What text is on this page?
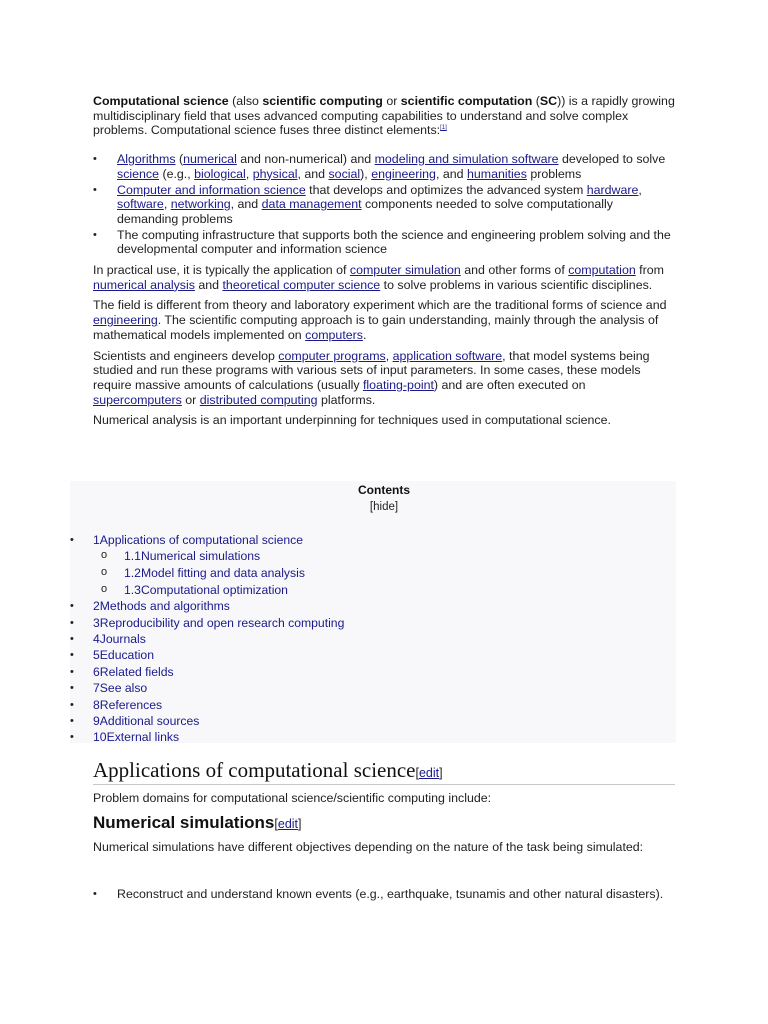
Computational science (also scientific computing or scientific computation (SC)) is a rapidly growing multidisciplinary field that uses advanced computing capabilities to understand and solve complex problems. Computational science fuses three distinct elements:[1]

• Algorithms (numerical and non-numerical) and modeling and simulation software developed to solve science (e.g., biological, physical, and social), engineering, and humanities problems
• Computer and information science that develops and optimizes the advanced system hardware, software, networking, and data management components needed to solve computationally demanding problems
• The computing infrastructure that supports both the science and engineering problem solving and the developmental computer and information science

In practical use, it is typically the application of computer simulation and other forms of computation from numerical analysis and theoretical computer science to solve problems in various scientific disciplines.

The field is different from theory and laboratory experiment which are the traditional forms of science and engineering. The scientific computing approach is to gain understanding, mainly through the analysis of mathematical models implemented on computers.

Scientists and engineers develop computer programs, application software, that model systems being studied and run these programs with various sets of input parameters. In some cases, these models require massive amounts of calculations (usually floating-point) and are often executed on supercomputers or distributed computing platforms.

Numerical analysis is an important underpinning for techniques used in computational science.

Contents
[hide]
• 1Applications of computational science
o 1.1Numerical simulations
o 1.2Model fitting and data analysis
o 1.3Computational optimization
• 2Methods and algorithms
• 3Reproducibility and open research computing
• 4Journals
• 5Education
• 6Related fields
• 7See also
• 8References
• 9Additional sources
• 10External links
Applications of computational science[edit]
Problem domains for computational science/scientific computing include:
Numerical simulations[edit]
Numerical simulations have different objectives depending on the nature of the task being simulated:
• Reconstruct and understand known events (e.g., earthquake, tsunamis and other natural disasters).
